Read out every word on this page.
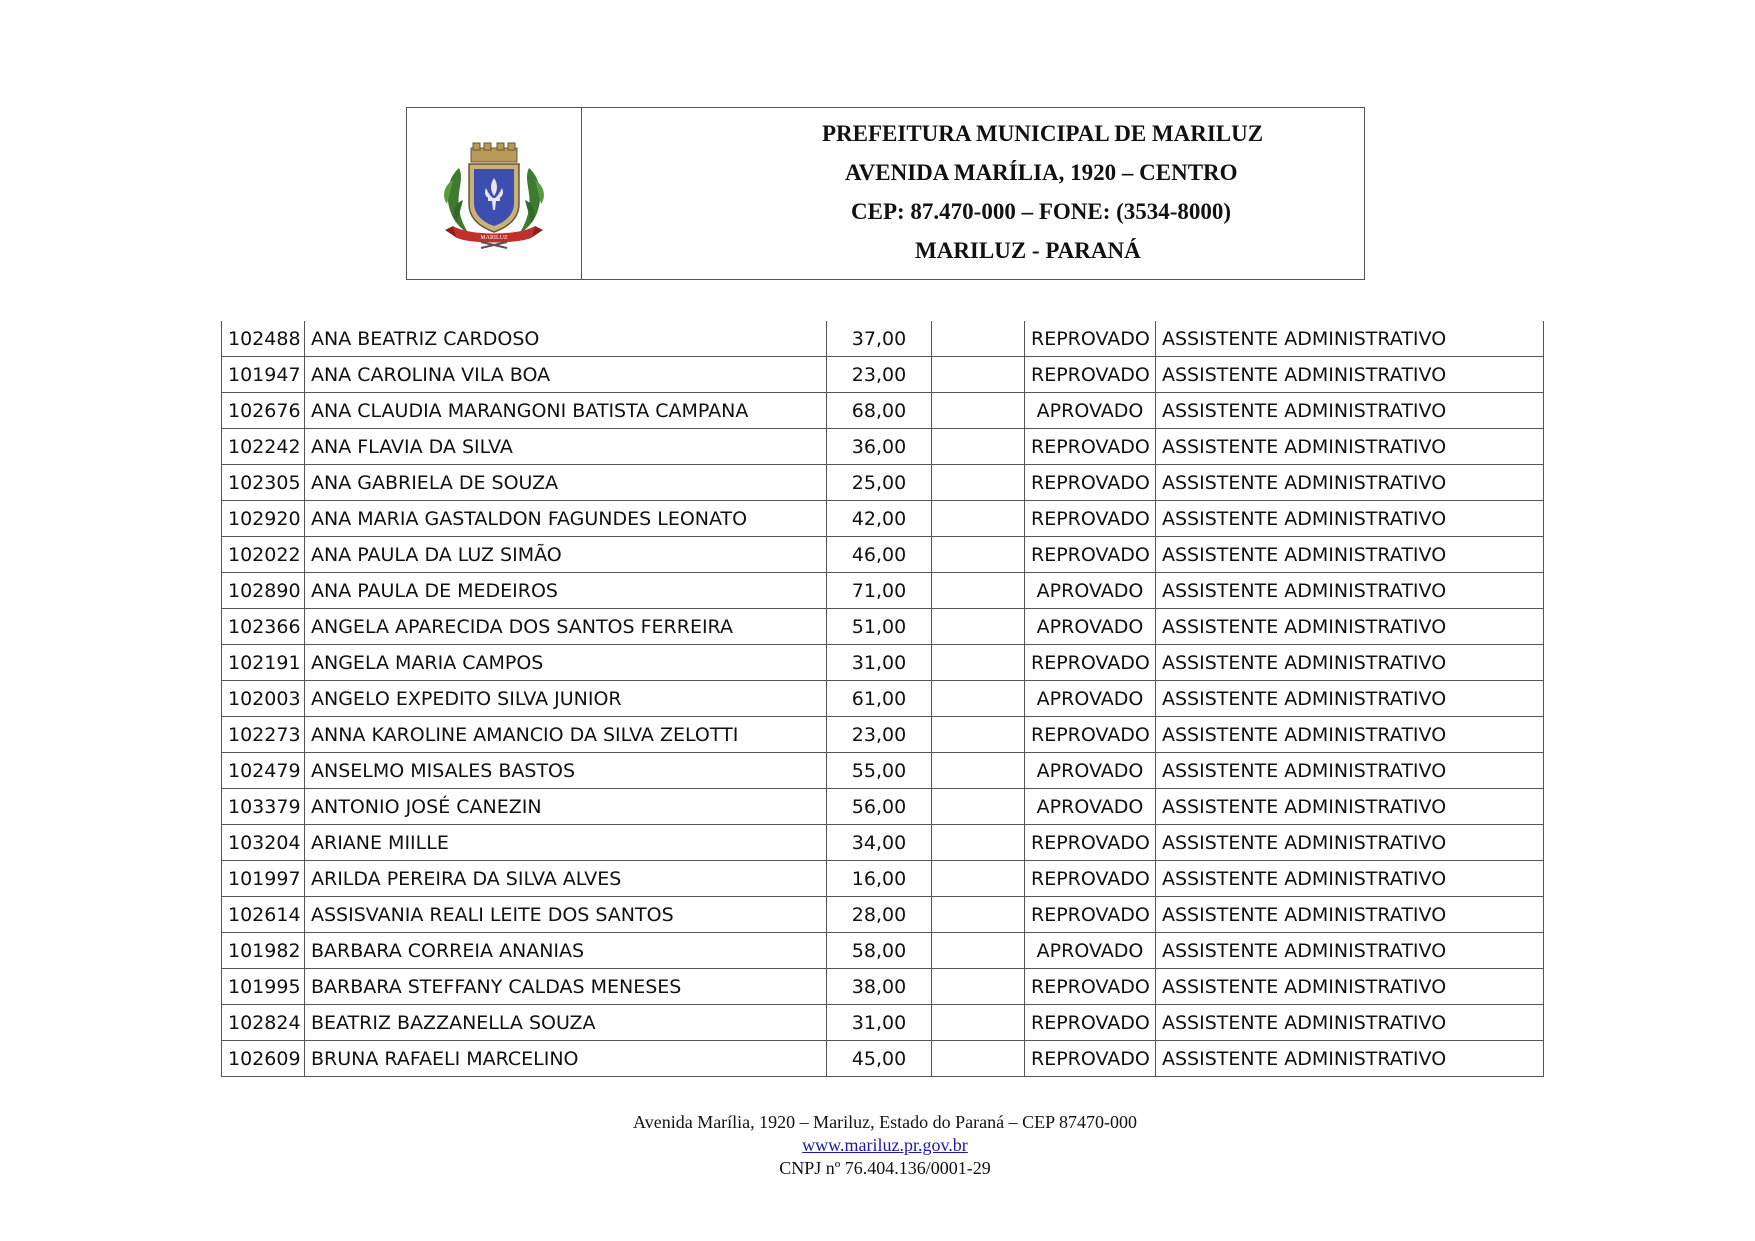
MARILUZ
PREFEITURA MUNICIPAL DE MARILUZ
AVENIDA MARÍLIA, 1920 – CENTRO
CEP: 87.470-000 – FONE: (3534-8000)
MARILUZ - PARANÁ
102488	ANA BEATRIZ CARDOSO	37,00		REPROVADO	ASSISTENTE ADMINISTRATIVO
101947	ANA CAROLINA VILA BOA	23,00		REPROVADO	ASSISTENTE ADMINISTRATIVO
102676	ANA CLAUDIA MARANGONI BATISTA CAMPANA	68,00		APROVADO	ASSISTENTE ADMINISTRATIVO
102242	ANA FLAVIA DA SILVA	36,00		REPROVADO	ASSISTENTE ADMINISTRATIVO
102305	ANA GABRIELA DE SOUZA	25,00		REPROVADO	ASSISTENTE ADMINISTRATIVO
102920	ANA MARIA GASTALDON FAGUNDES LEONATO	42,00		REPROVADO	ASSISTENTE ADMINISTRATIVO
102022	ANA PAULA DA LUZ SIMÃO	46,00		REPROVADO	ASSISTENTE ADMINISTRATIVO
102890	ANA PAULA DE MEDEIROS	71,00		APROVADO	ASSISTENTE ADMINISTRATIVO
102366	ANGELA APARECIDA DOS SANTOS FERREIRA	51,00		APROVADO	ASSISTENTE ADMINISTRATIVO
102191	ANGELA MARIA CAMPOS	31,00		REPROVADO	ASSISTENTE ADMINISTRATIVO
102003	ANGELO EXPEDITO SILVA JUNIOR	61,00		APROVADO	ASSISTENTE ADMINISTRATIVO
102273	ANNA KAROLINE AMANCIO DA SILVA ZELOTTI	23,00		REPROVADO	ASSISTENTE ADMINISTRATIVO
102479	ANSELMO MISALES BASTOS	55,00		APROVADO	ASSISTENTE ADMINISTRATIVO
103379	ANTONIO JOSÉ CANEZIN	56,00		APROVADO	ASSISTENTE ADMINISTRATIVO
103204	ARIANE MIILLE	34,00		REPROVADO	ASSISTENTE ADMINISTRATIVO
101997	ARILDA PEREIRA DA SILVA ALVES	16,00		REPROVADO	ASSISTENTE ADMINISTRATIVO
102614	ASSISVANIA REALI LEITE DOS SANTOS	28,00		REPROVADO	ASSISTENTE ADMINISTRATIVO
101982	BARBARA CORREIA ANANIAS	58,00		APROVADO	ASSISTENTE ADMINISTRATIVO
101995	BARBARA STEFFANY CALDAS MENESES	38,00		REPROVADO	ASSISTENTE ADMINISTRATIVO
102824	BEATRIZ BAZZANELLA SOUZA	31,00		REPROVADO	ASSISTENTE ADMINISTRATIVO
102609	BRUNA RAFAELI MARCELINO	45,00		REPROVADO	ASSISTENTE ADMINISTRATIVO
Avenida Marília, 1920 – Mariluz, Estado do Paraná – CEP 87470-000
www.mariluz.pr.gov.br
CNPJ nº 76.404.136/0001-29
